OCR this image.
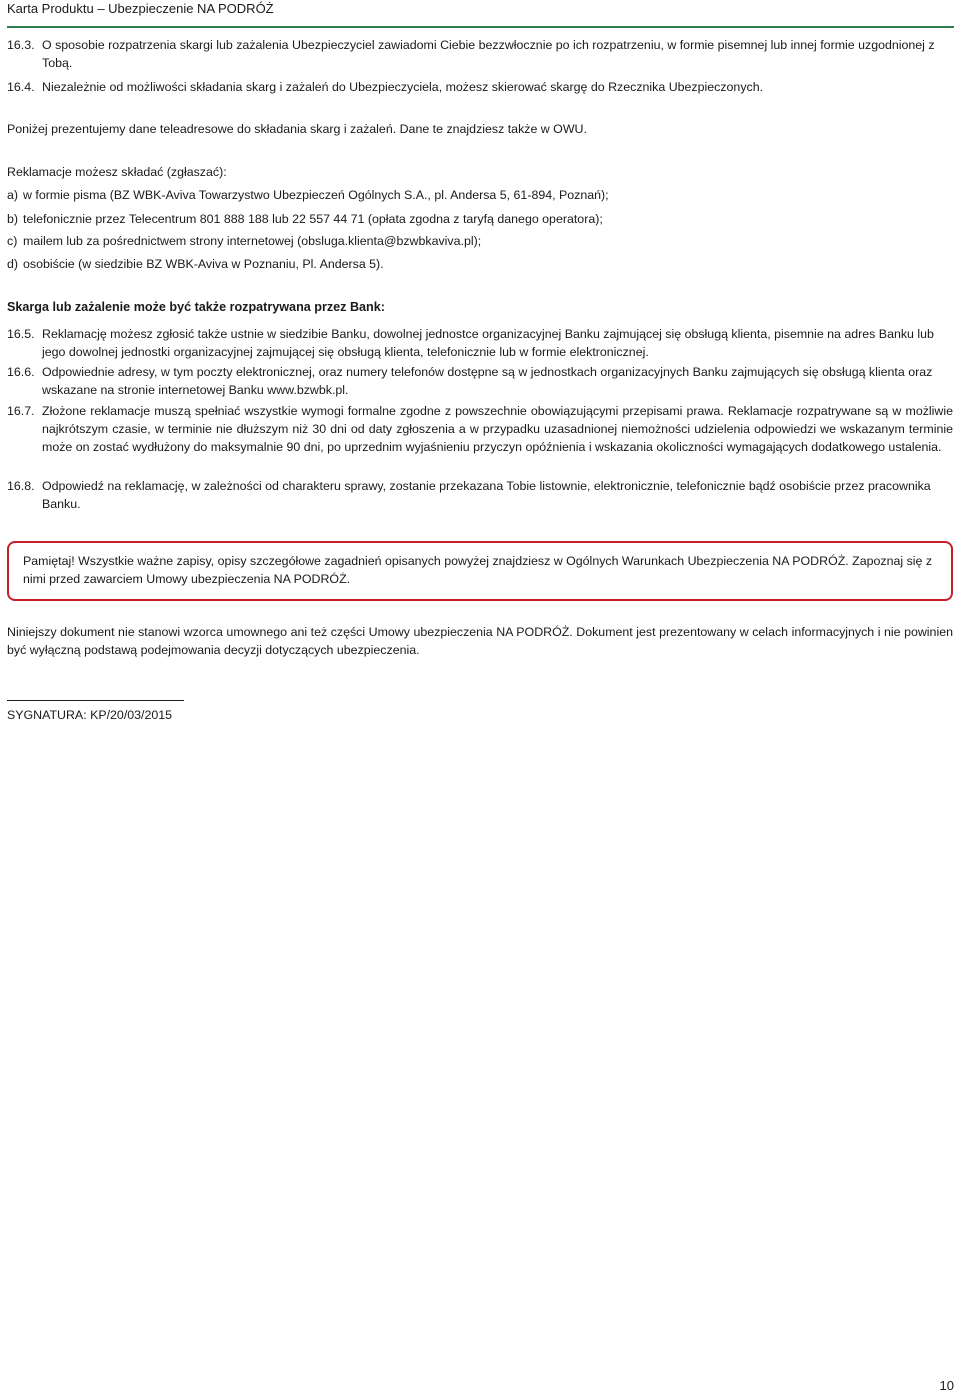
Karta Produktu – Ubezpieczenie NA PODRÓŻ
16.3. O sposobie rozpatrzenia skargi lub zażalenia Ubezpieczyciel zawiadomi Ciebie bezzwłocznie po ich rozpatrzeniu, w formie pisemnej lub innej formie uzgodnionej z Tobą.
16.4. Niezależnie od możliwości składania skarg i zażaleń do Ubezpieczyciela, możesz skierować skargę do Rzecznika Ubezpieczonych.
Poniżej prezentujemy dane teleadresowe do składania skarg i zażaleń. Dane te znajdziesz także w OWU.
Reklamacje możesz składać (zgłaszać):
a) w formie pisma (BZ WBK-Aviva Towarzystwo Ubezpieczeń Ogólnych S.A., pl. Andersa 5, 61-894, Poznań);
b) telefonicznie przez Telecentrum 801 888 188 lub 22 557 44 71 (opłata zgodna z taryfą danego operatora);
c) mailem lub za pośrednictwem strony internetowej (obsluga.klienta@bzwbkaviva.pl);
d) osobiście (w siedzibie BZ WBK-Aviva w Poznaniu, Pl. Andersa 5).
Skarga lub zażalenie może być także rozpatrywana przez Bank:
16.5. Reklamację możesz zgłosić także ustnie w siedzibie Banku, dowolnej jednostce organizacyjnej Banku zajmującej się obsługą klienta, pisemnie na adres Banku lub jego dowolnej jednostki organizacyjnej zajmującej się obsługą klienta, telefonicznie lub w formie elektronicznej.
16.6. Odpowiednie adresy, w tym poczty elektronicznej, oraz numery telefonów dostępne są w jednostkach organizacyjnych Banku zajmujących się obsługą klienta oraz wskazane na stronie internetowej Banku www.bzwbk.pl.
16.7. Złożone reklamacje muszą spełniać wszystkie wymogi formalne zgodne z powszechnie obowiązującymi przepisami prawa. Reklamacje rozpatrywane są w możliwie najkrótszym czasie, w terminie nie dłuższym niż 30 dni od daty zgłoszenia a w przypadku uzasadnionej niemożności udzielenia odpowiedzi we wskazanym terminie może on zostać wydłużony do maksymalnie 90 dni, po uprzednim wyjaśnieniu przyczyn opóźnienia i wskazania okoliczności wymagających dodatkowego ustalenia.
16.8. Odpowiedź na reklamację, w zależności od charakteru sprawy, zostanie przekazana Tobie listownie, elektronicznie, telefonicznie bądź osobiście przez pracownika Banku.
Pamiętaj! Wszystkie ważne zapisy, opisy szczegółowe zagadnień opisanych powyżej znajdziesz w Ogólnych Warunkach Ubezpieczenia NA PODRÓŻ. Zapoznaj się z nimi przed zawarciem Umowy ubezpieczenia NA PODRÓŻ.
Niniejszy dokument nie stanowi wzorca umownego ani też części Umowy ubezpieczenia NA PODRÓŻ. Dokument jest prezentowany w celach informacyjnych i nie powinien być wyłączną podstawą podejmowania decyzji dotyczących ubezpieczenia.
SYGNATURA: KP/20/03/2015
10
